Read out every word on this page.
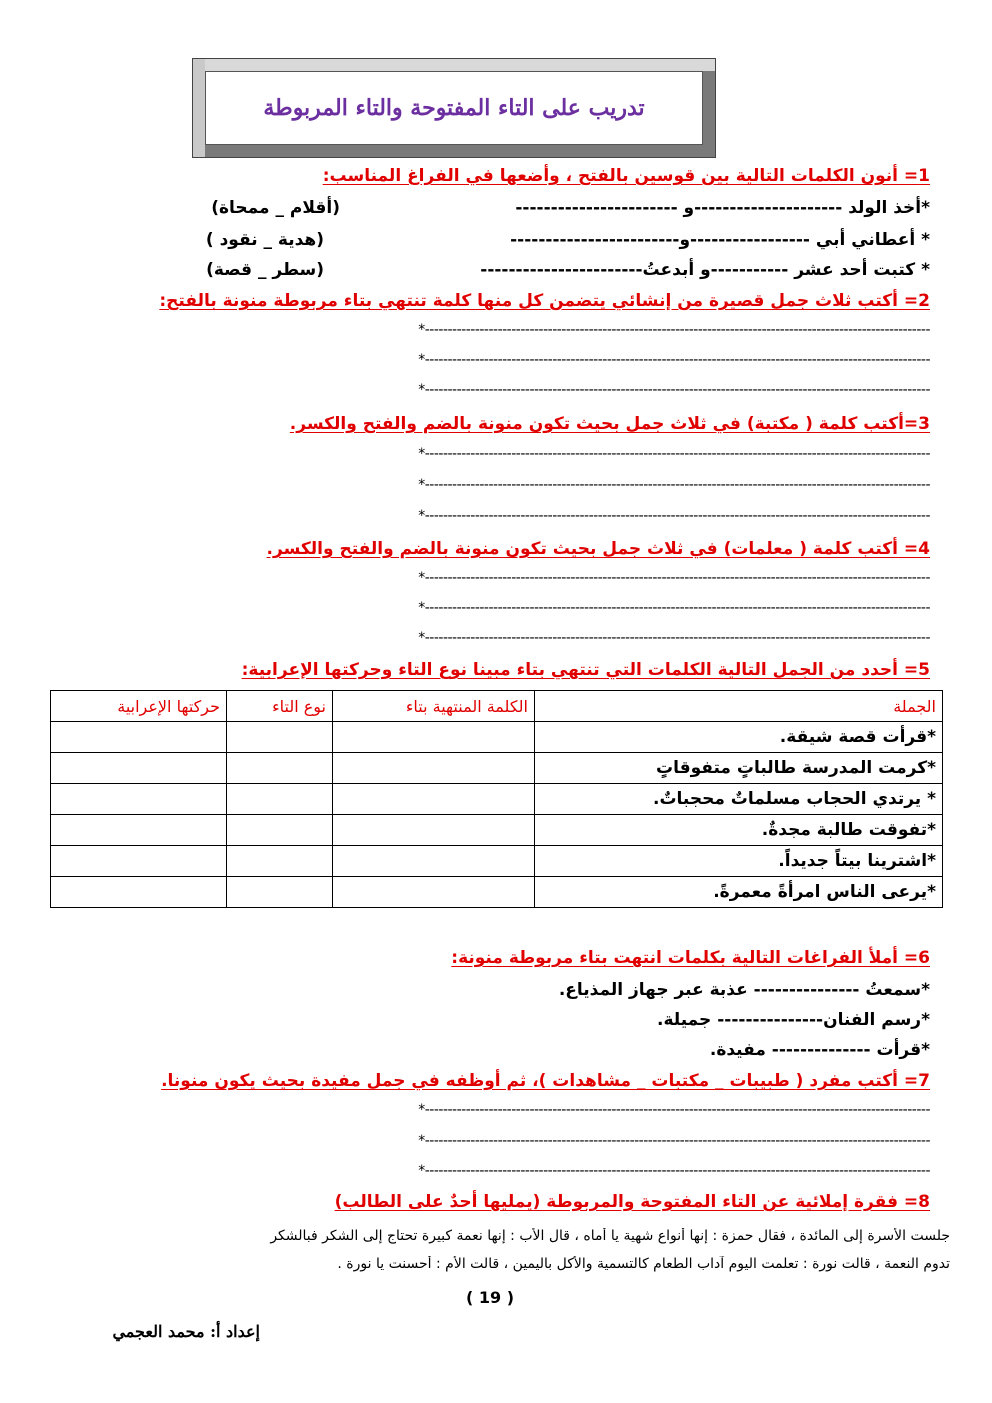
تدريب على التاء المفتوحة والتاء المربوطة
1= أنون الكلمات التالية بين قوسين بالفتح ، وأضعها في الفراغ المناسب:
*أخذ الولد ---------------------و -----------------------
(أقلام _ ممحاة)
* أعطاني أبي -----------------و------------------------
(هدية _ نقود )
* كتبت أحد عشر -----------و أبدعتُ-----------------------
(سطر _ قصة)
2= أكتب ثلاث جمل قصيرة من إنشائي يتضمن كل منها كلمة تنتهي بتاء مربوطة منونة بالفتح:
*---------------------------------------------------------------------------------------------------------------
*---------------------------------------------------------------------------------------------------------------
*---------------------------------------------------------------------------------------------------------------
3=أكتب كلمة ( مكتبة) في ثلاث جمل بحيث تكون منونة بالضم والفتح والكسر.
*---------------------------------------------------------------------------------------------------------------
*---------------------------------------------------------------------------------------------------------------
*---------------------------------------------------------------------------------------------------------------
4= أكتب كلمة ( معلمات) في ثلاث جمل بحيث تكون منونة بالضم والفتح والكسر.
*---------------------------------------------------------------------------------------------------------------
*---------------------------------------------------------------------------------------------------------------
*---------------------------------------------------------------------------------------------------------------
5= أحدد من الجمل التالية الكلمات التي تنتهي بتاء مبينا نوع التاء وحركتها الإعرابية:
الجملة	الكلمة المنتهية بتاء	نوع التاء	حركتها الإعرابية
*قرأت قصة شيقة.			
*كرمت المدرسة طالباتٍ متفوقاتٍ			
* يرتدي الحجاب مسلماتٌ محجباتٌ.			
*تفوقت طالبة مجدةٌ.			
*اشترينا بيتاً جديداً.			
*يرعى الناس امرأةً معمرةً.			
6= أملأ الفراغات التالية بكلمات انتهت بتاء مربوطة منونة:
*سمعتُ --------------- عذبة عبر جهاز المذياع.
*رسم الفنان--------------- جميلة.
*قرأت -------------- مفيدة.
7= أكتب مفرد ( طبيبات _ مكتبات _ مشاهدات )، ثم أوظفه في جمل مفيدة بحيث يكون منونا.
*---------------------------------------------------------------------------------------------------------------
*---------------------------------------------------------------------------------------------------------------
*---------------------------------------------------------------------------------------------------------------
8= فقرة إملائية عن التاء المفتوحة والمربوطة (يمليها أحدٌ على الطالب)
جلست الأسرة إلى المائدة ، فقال حمزة : إنها أنواع شهية يا أماه ، قال الأب : إنها نعمة كبيرة تحتاج إلى الشكر فبالشكر
تدوم النعمة ، قالت نورة : تعلمت اليوم آداب الطعام كالتسمية والأكل باليمين ، قالت الأم : أحسنت يا نورة .
( 19 )
إعداد أ: محمد العجمي
